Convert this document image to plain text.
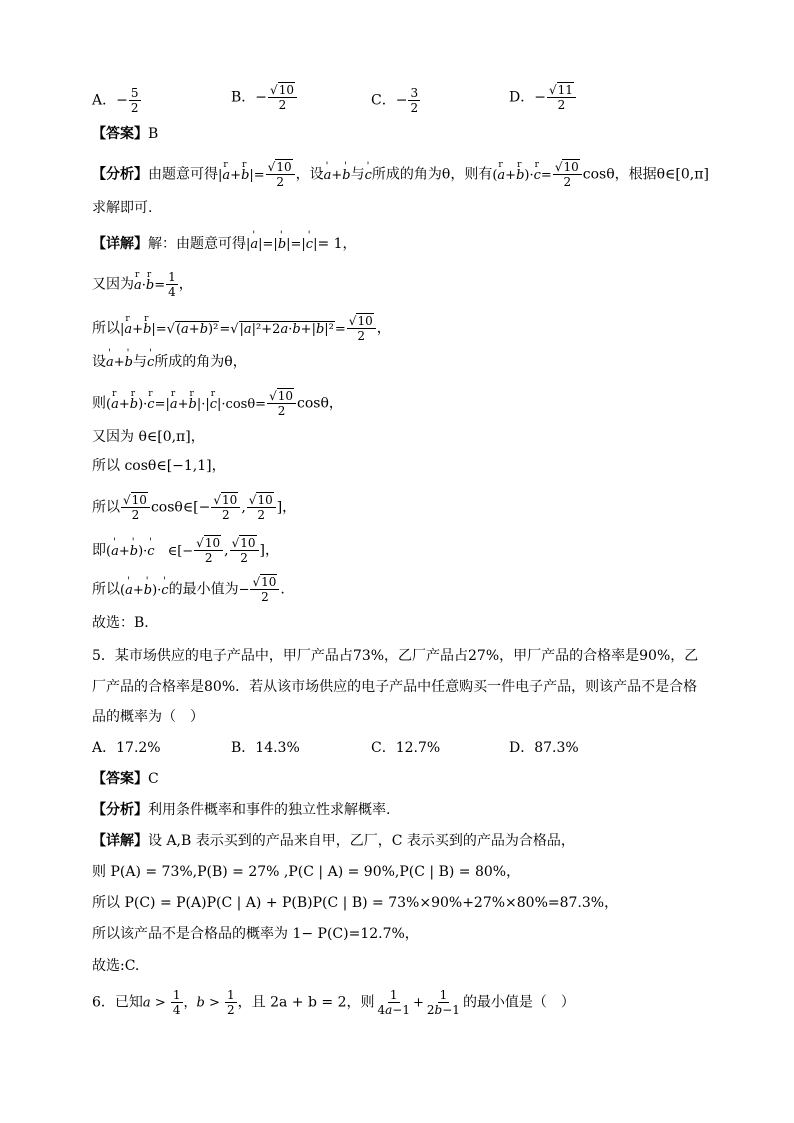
A．− $\frac{5}{2}$	B．− $\frac{√10}{2}$	C．− $\frac{3}{2}$	D．− $\frac{√11}{2}$
【答案】B
【分析】由题意可得|r a+r $b|= \frac{√10}{2}$ ，设' a+' b与' c所成的角为θ，则有(r a+r b)·r $c= \frac{√10}{2}$ cosθ，根据θ∈[0,π]
求解即可.
【详解】解：由题意可得|' a|=|' b|=|' c|= 1，
又因为r a·r $b= \frac{1}{4}$ ，
所以|r a+r $b|=√(a+b)^2=√|a|^2+2a\cdot b+|b|^2= \frac{√10}{2}$ ，
设' a+' b与' c所成的角为θ，
则(r a+r b)·r c=|r a+r b|·|r $c|\cdot\cos\theta= \frac{√10}{2}$ cosθ，
又因为 θ∈[0,π]，
所以 cosθ∈[−1,1]，
所以 $\frac{√10}{2}$ cosθ∈[− $\frac{√10}{2}$ , $\frac{√10}{2}$ ]，
即(' a+' b)·' c　∈[− $\frac{√10}{2}$ , $\frac{√10}{2}$ ]，
所以(' a+' b)·' c的最小值为− $\frac{√10}{2}$ .
故选：B.
5．某市场供应的电子产品中，甲厂产品占73%，乙厂产品占27%，甲厂产品的合格率是90%，乙
厂产品的合格率是80%．若从该市场供应的电子产品中任意购买一件电子产品，则该产品不是合格
品的概率为（　）
A．17.2%	B．14.3%	C．12.7%	D．87.3%
【答案】C
【分析】利用条件概率和事件的独立性求解概率.
【详解】设 A,B 表示买到的产品来自甲，乙厂，C 表示买到的产品为合格品，
则 P(A) = 73%,P(B) = 27% ,P(C | A) = 90%,P(C | B) = 80%，
所以 P(C) = P(A)P(C | A) + P(B)P(C | B) = 73%×90%+27%×80%=87.3%，
所以该产品不是合格品的概率为 1− P(C)=12.7%，
故选:C.
6．已知$a > \frac{1}{4}$ ，$b > \frac{1}{2}$ ，且 2a + b = 2，则 $\frac{1}{4a-1} + \frac{1}{2b-1}$ 的最小值是（　）
